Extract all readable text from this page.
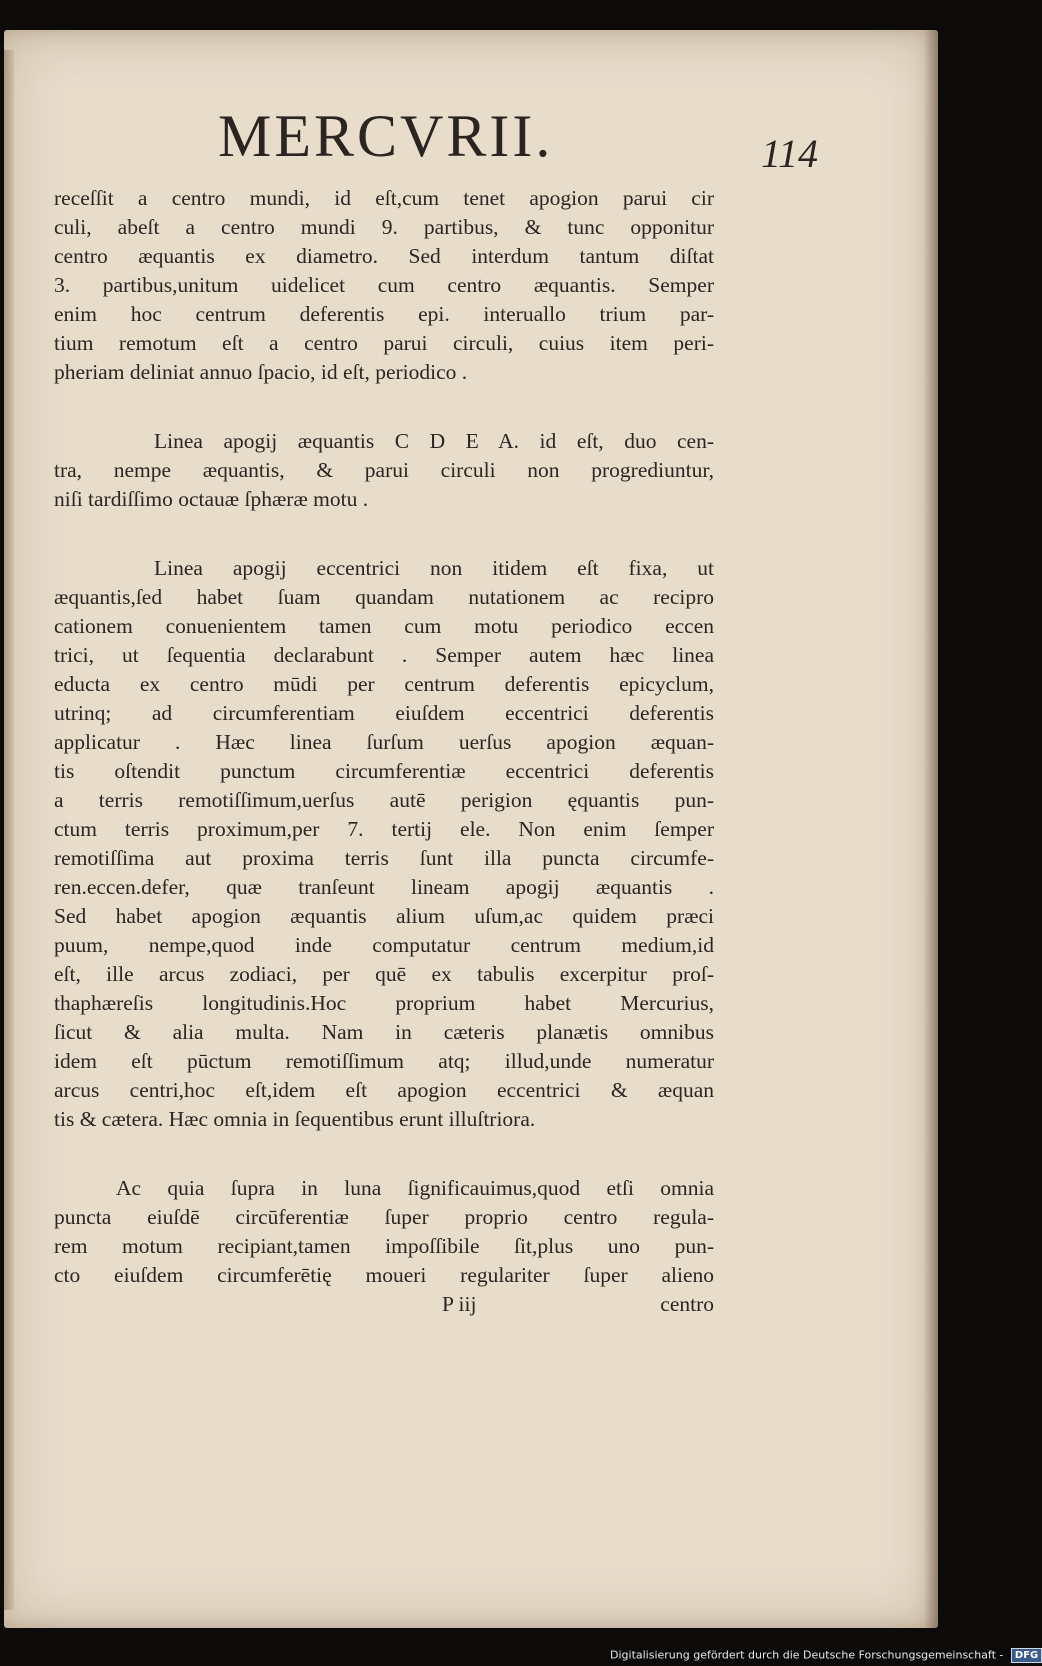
MERCVRII.	114
receſſit a centro mundi, id eſt,cum tenet apogion parui cir
culi, abeſt a centro mundi 9. partibus, & tunc opponitur
centro æquantis ex diametro. Sed interdum tantum diſtat
3. partibus,unitum uidelicet cum centro æquantis. Semper
enim hoc centrum deferentis epi. interuallo trium par-
tium remotum eſt a centro parui circuli, cuius item peri-
pheriam deliniat annuo ſpacio, id eſt, periodico .
Linea apogij æquantis C D E A. id eſt, duo cen-
tra, nempe æquantis, & parui circuli non progrediuntur,
niſi tardiſſimo octauæ ſphæræ motu .
Linea apogij eccentrici non itidem eſt fixa, ut
æquantis,ſed habet ſuam quandam nutationem ac recipro
cationem conuenientem tamen cum motu periodico eccen
trici, ut ſequentia declarabunt . Semper autem hæc linea
educta ex centro mūdi per centrum deferentis epicyclum,
utrinq; ad circumferentiam eiuſdem eccentrici deferentis
applicatur . Hæc linea ſurſum uerſus apogion æquan-
tis oſtendit punctum circumferentiæ eccentrici deferentis
a terris remotiſſimum,uerſus autē perigion ęquantis pun-
ctum terris proximum,per 7. tertij ele. Non enim ſemper
remotiſſima aut proxima terris ſunt illa puncta circumfe-
ren.eccen.defer, quæ tranſeunt lineam apogij æquantis .
Sed habet apogion æquantis alium uſum,ac quidem præci
puum, nempe,quod inde computatur centrum medium,id
eſt, ille arcus zodiaci, per quē ex tabulis excerpitur proſ-
thaphæreſis longitudinis.Hoc proprium habet Mercurius,
ſicut & alia multa. Nam in cæteris planætis omnibus
idem eſt pūctum remotiſſimum atq; illud,unde numeratur
arcus centri,hoc eſt,idem eſt apogion eccentrici & æquan
tis & cætera. Hæc omnia in ſequentibus erunt illuſtriora.
Ac quia ſupra in luna ſignificauimus,quod etſi omnia
puncta eiuſdē circūferentiæ ſuper proprio centro regula-
rem motum recipiant,tamen impoſſibile ſit,plus uno pun-
cto eiuſdem circumferētię moueri regulariter ſuper alieno
P iij	centro
Digitalisierung gefördert durch die Deutsche Forschungsgemeinschaft - DFG
